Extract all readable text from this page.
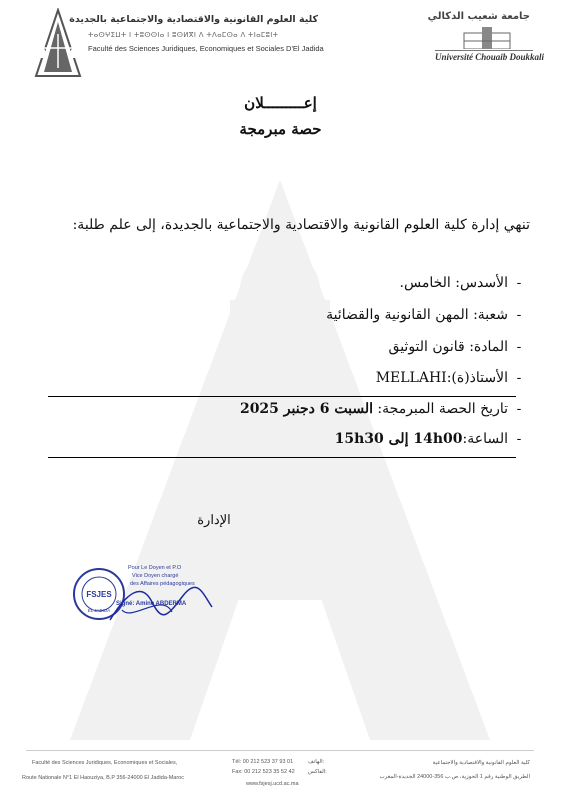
كلية العلوم القانونية والاقتصادية والاجتماعية بالجديدة
ⵜⴰⵙⵖⵉⵡⵜ ⵏ ⵜⵓⵙⵙⵏⴰ ⵏ ⵓⵙⵍⴳⵏ ⴷ ⵜⴷⴰⵎⵙⴰ ⴷ ⵜⵏⴰⵎⵓⵏⵜ
Faculté des Sciences Juridiques, Economiques et Sociales D'El Jadida
جامعة شعيب الدكالي
Université Chouaib Doukkali
إعـــــــــلان
حصة مبرمجة
تنهي إدارة كلية العلوم القانونية والاقتصادية والاجتماعية بالجديدة، إلى علم طلبة:
-الأسدس: الخامس.
-شعبة: المهن القانونية والقضائية
-المادة: قانون التوثيق
-الأستاذ(ة):MELLAHI
-تاريخ الحصة المبرمجة: السبت 6 دجنبر 2025
-الساعة:14h00 إلى 15h30
الإدارة
FSJES
EL JADIDA
Pour Le Doyen et P.O
Vice Doyen chargé
des Affaires pédagogiques
Signé: Amine ABDERMA
Faculté des Sciences Juridiques, Economiques et Sociales,
Route Nationale N°1 El Haouziya, B.P 356-24000 El Jadida-Maroc
Tél: 00 212 523 37 93 01	الهاتف:
Fax: 00 212 523 35 52 42 الفاكس:
www.fsjesj.ucd.ac.ma
كلية العلوم القانونية والاقتصادية والاجتماعية
الطريق الوطنية رقم 1 الحوزية، ص.ب 356-24000 الجديدة-المغرب
